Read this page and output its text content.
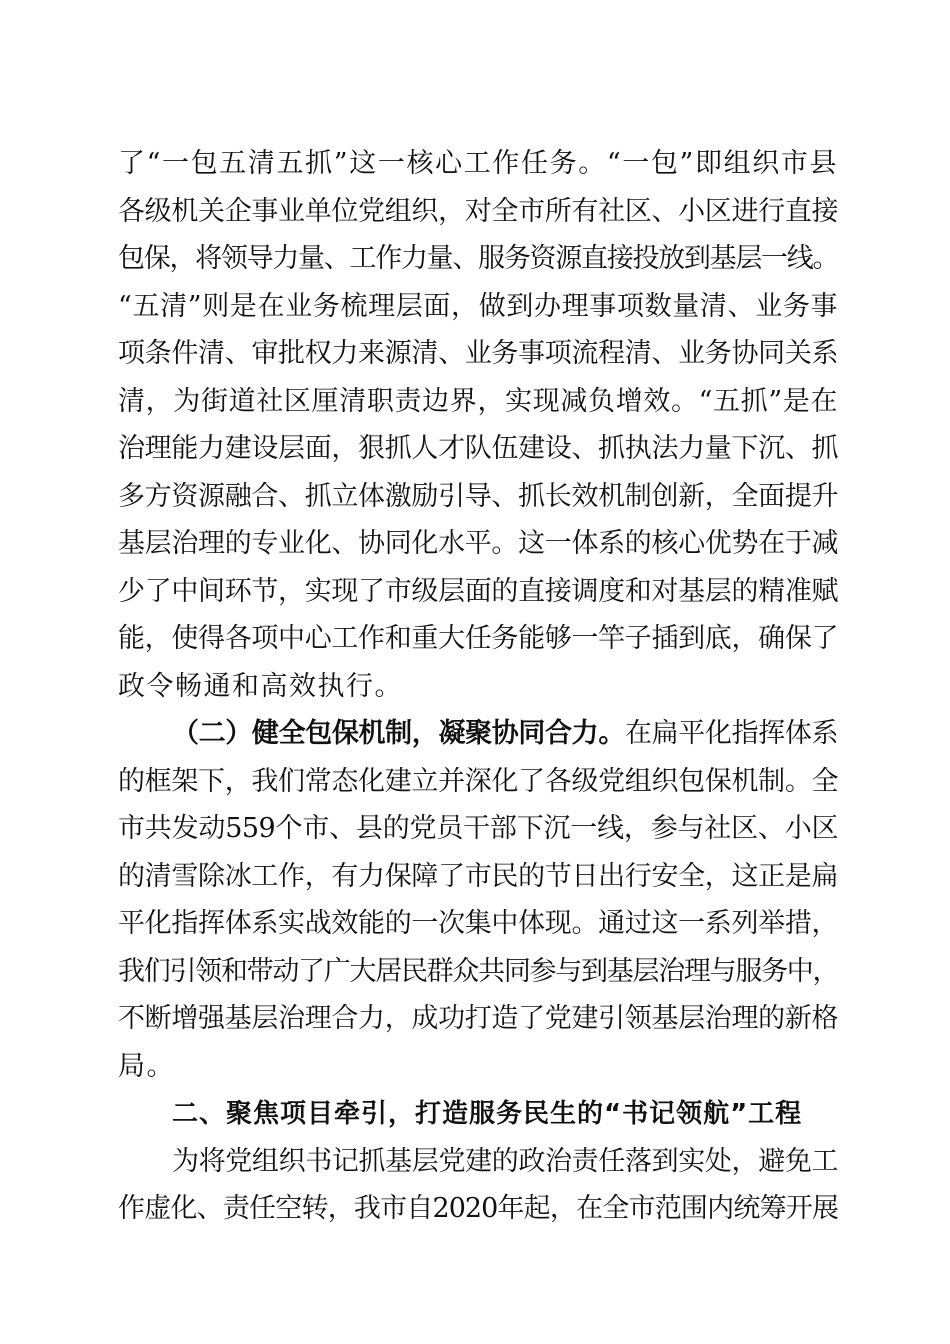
了“一包五清五抓”这一核心工作任务。“一包”即组织市县
各级机关企事业单位党组织，对全市所有社区、小区进行直接
包保，将领导力量、工作力量、服务资源直接投放到基层一线。
“五清”则是在业务梳理层面，做到办理事项数量清、业务事
项条件清、审批权力来源清、业务事项流程清、业务协同关系
清，为街道社区厘清职责边界，实现减负增效。“五抓”是在
治理能力建设层面，狠抓人才队伍建设、抓执法力量下沉、抓
多方资源融合、抓立体激励引导、抓长效机制创新，全面提升
基层治理的专业化、协同化水平。这一体系的核心优势在于减
少了中间环节，实现了市级层面的直接调度和对基层的精准赋
能，使得各项中心工作和重大任务能够一竿子插到底，确保了
政令畅通和高效执行。
（二）健全包保机制，凝聚协同合力。在扁平化指挥体系
的框架下，我们常态化建立并深化了各级党组织包保机制。全
市共发动559个市、县的党员干部下沉一线，参与社区、小区
的清雪除冰工作，有力保障了市民的节日出行安全，这正是扁
平化指挥体系实战效能的一次集中体现。通过这一系列举措，
我们引领和带动了广大居民群众共同参与到基层治理与服务中，
不断增强基层治理合力，成功打造了党建引领基层治理的新格
局。
二、聚焦项目牵引，打造服务民生的“书记领航”工程
为将党组织书记抓基层党建的政治责任落到实处，避免工
作虚化、责任空转，我市自2020年起，在全市范围内统筹开展
